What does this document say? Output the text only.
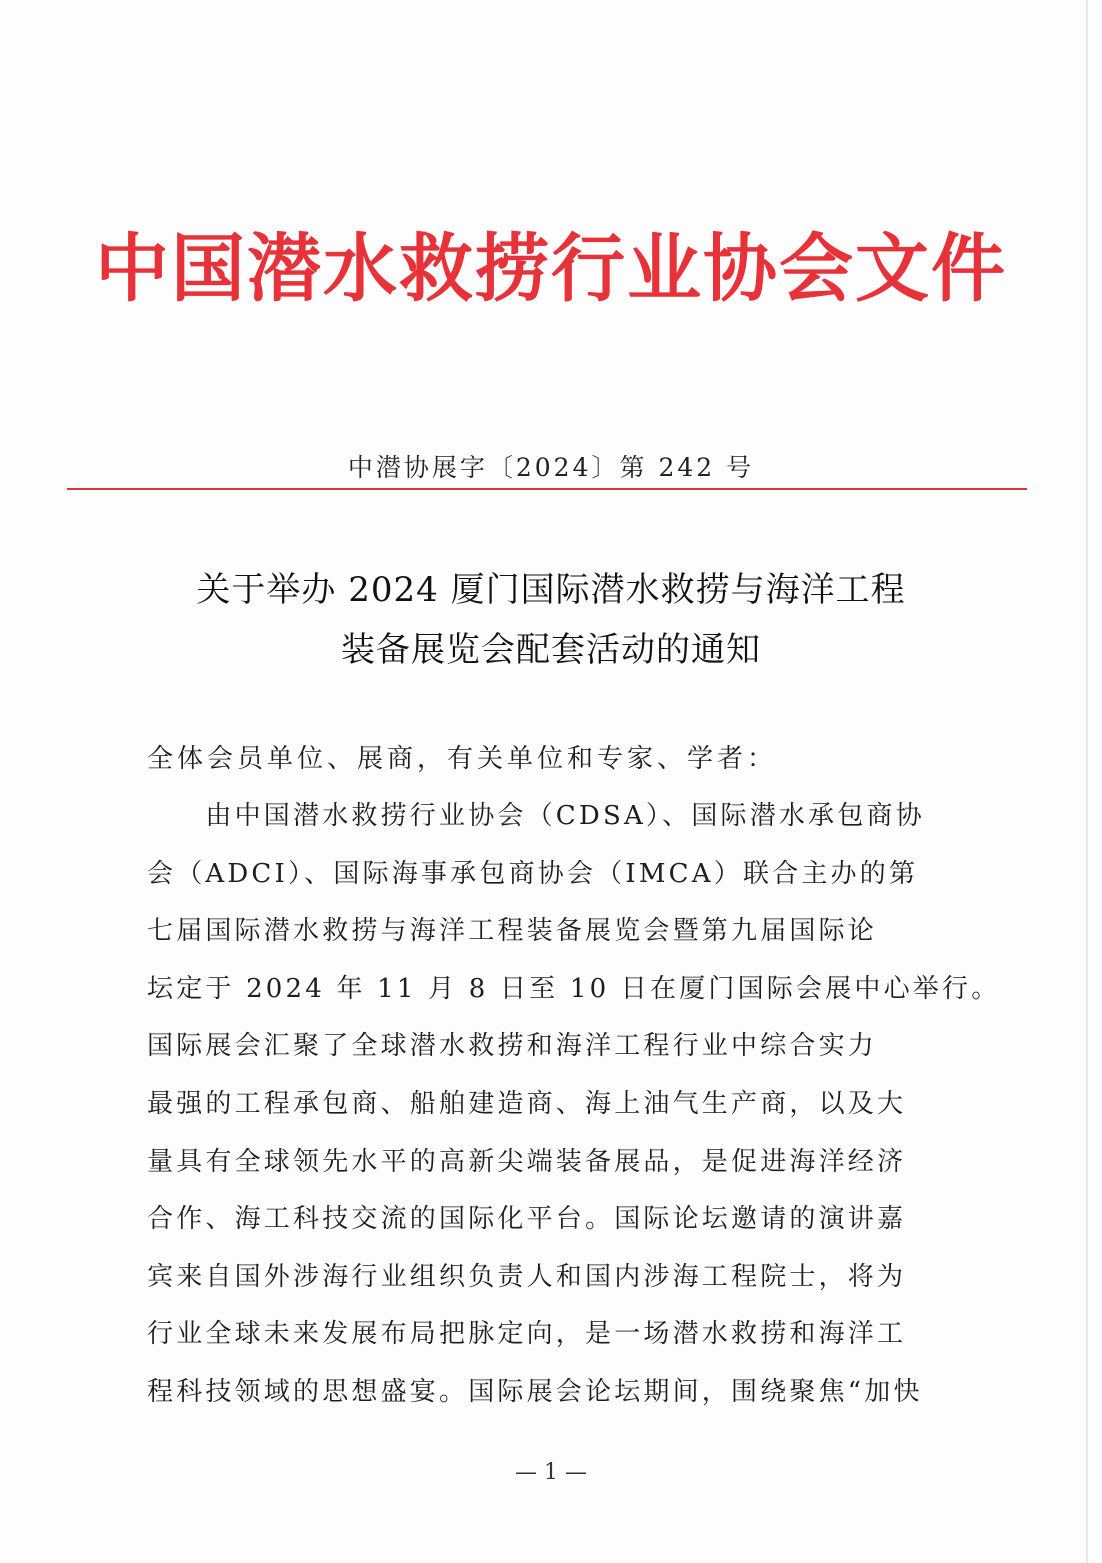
中国潜水救捞行业协会文件
中潜协展字〔2024〕第 242 号
关于举办 2024 厦门国际潜水救捞与海洋工程
装备展览会配套活动的通知
全体会员单位、展商，有关单位和专家、学者：
　　由中国潜水救捞行业协会（CDSA）、国际潜水承包商协
会（ADCI）、国际海事承包商协会（IMCA）联合主办的第
七届国际潜水救捞与海洋工程装备展览会暨第九届国际论
坛定于 2024 年 11 月 8 日至 10 日在厦门国际会展中心举行。
国际展会汇聚了全球潜水救捞和海洋工程行业中综合实力
最强的工程承包商、船舶建造商、海上油气生产商，以及大
量具有全球领先水平的高新尖端装备展品，是促进海洋经济
合作、海工科技交流的国际化平台。国际论坛邀请的演讲嘉
宾来自国外涉海行业组织负责人和国内涉海工程院士，将为
行业全球未来发展布局把脉定向，是一场潜水救捞和海洋工
程科技领域的思想盛宴。国际展会论坛期间，围绕聚焦“加快
— 1 —
